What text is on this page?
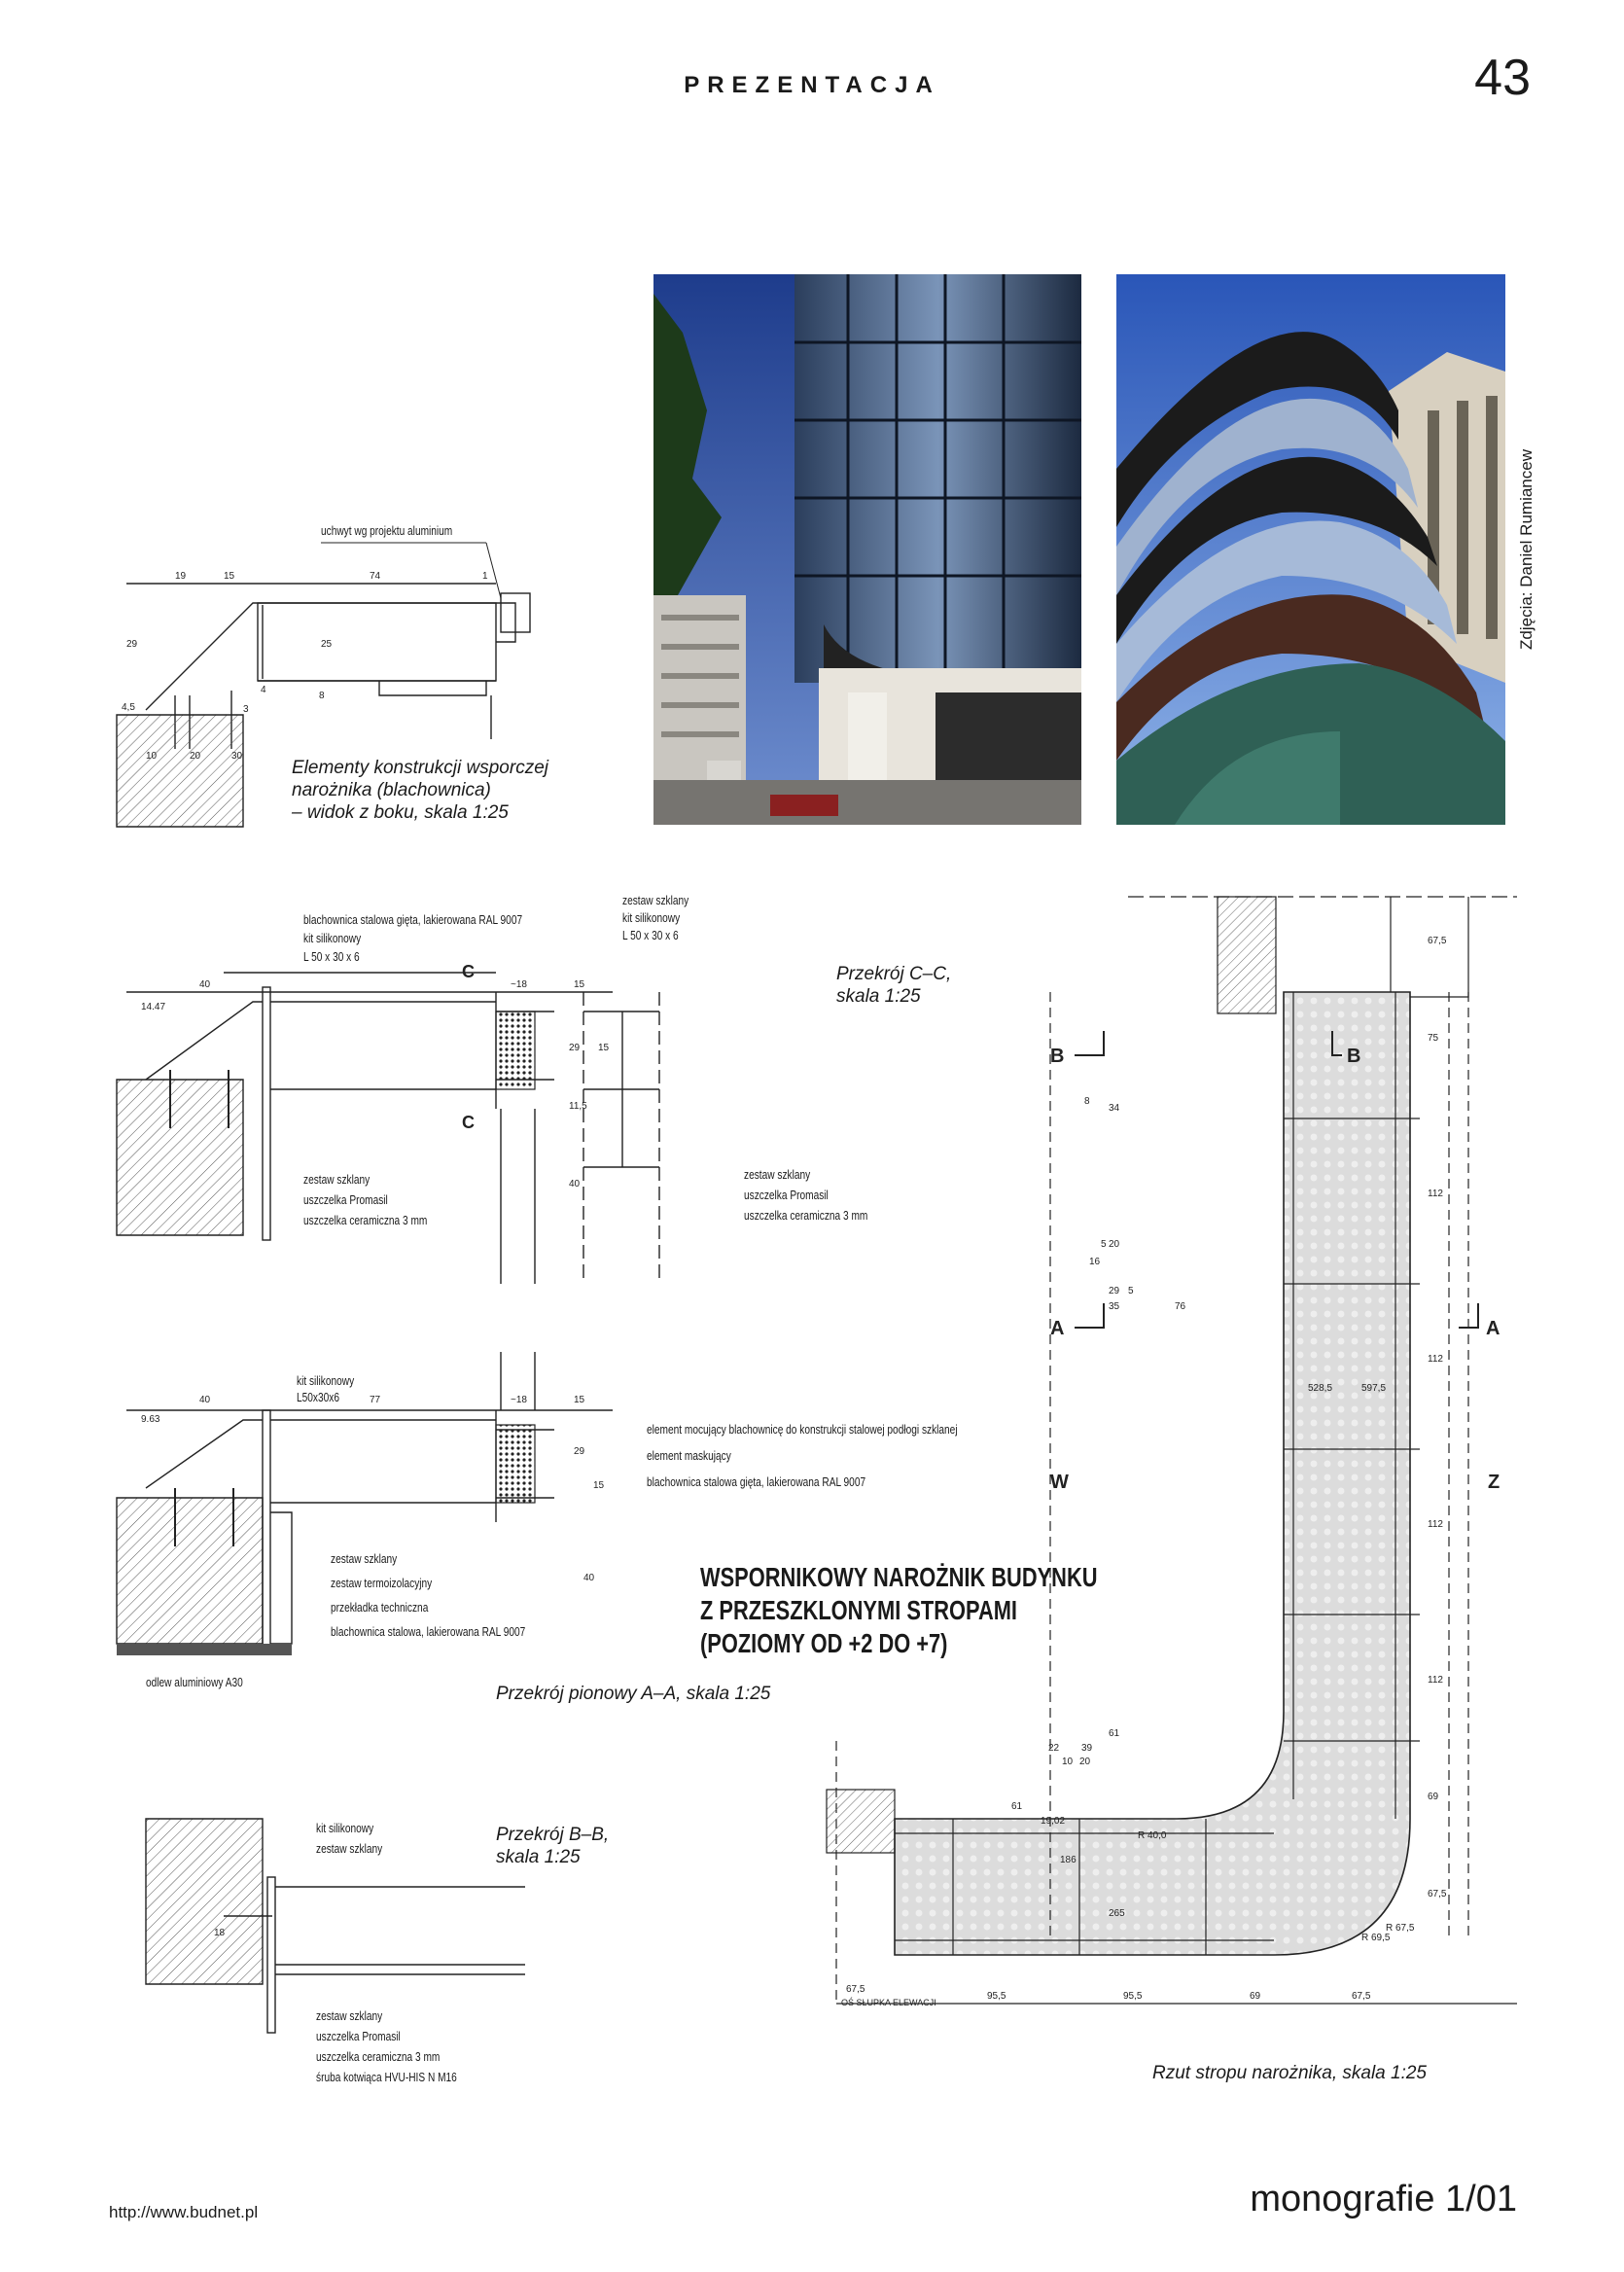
PREZENTACJA	43
Zdjęcia: Daniel Rumiancew
19	15	74	1
29	25
4
8
4,5	3
10	20	30
uchwyt wg projektu aluminium
Elementy konstrukcji wsporczej
narożnika (blachownica)
– widok z boku, skala 1:25
40	~18	15
29 15
11,5
40
14.47
C
C
blachownica stalowa gięta, lakierowana RAL 9007
kit silikonowy
L 50 x 30 x 6
zestaw szklany
kit silikonowy
L 50 x 30 x 6
zestaw szklany
uszczelka Promasil
uszczelka ceramiczna 3 mm
zestaw szklany
uszczelka Promasil
uszczelka ceramiczna 3 mm
Przekrój C–C,
skala 1:25
40	77	~18	15
29
15
40
9.63
kit silikonowy
L50x30x6
element mocujący blachownicę do konstrukcji stalowej podłogi szklanej
element maskujący
blachownica stalowa gięta, lakierowana RAL 9007
zestaw szklany
zestaw termoizolacyjny
przekładka techniczna
blachownica stalowa, lakierowana RAL 9007
odlew aluminiowy A30
Przekrój pionowy A–A, skala 1:25
WSPORNIKOWY NAROŻNIK BUDYNKU
Z PRZESZKLONYMI STROPAMI
(POZIOMY OD +2 DO +7)
18
kit silikonowy
zestaw szklany
zestaw szklany
uszczelka Promasil
uszczelka ceramiczna 3 mm
śruba kotwiąca HVU-HIS N M16
Przekrój B–B,
skala 1:25
B	B
A	A
W	Z
67,5
75
112
112
112
112
69
67,5
8
34
5 20
16
29 5
35	76
528,5	597,5
61
22 39
10 20
61
19,02
186
265
R 40,0
R 69,5
R 67,5
67,5
95,5	95,5	69	67,5
OŚ SŁUPKA ELEWACJI
Rzut stropu narożnika, skala 1:25
http://www.budnet.pl	monografie 1/01
